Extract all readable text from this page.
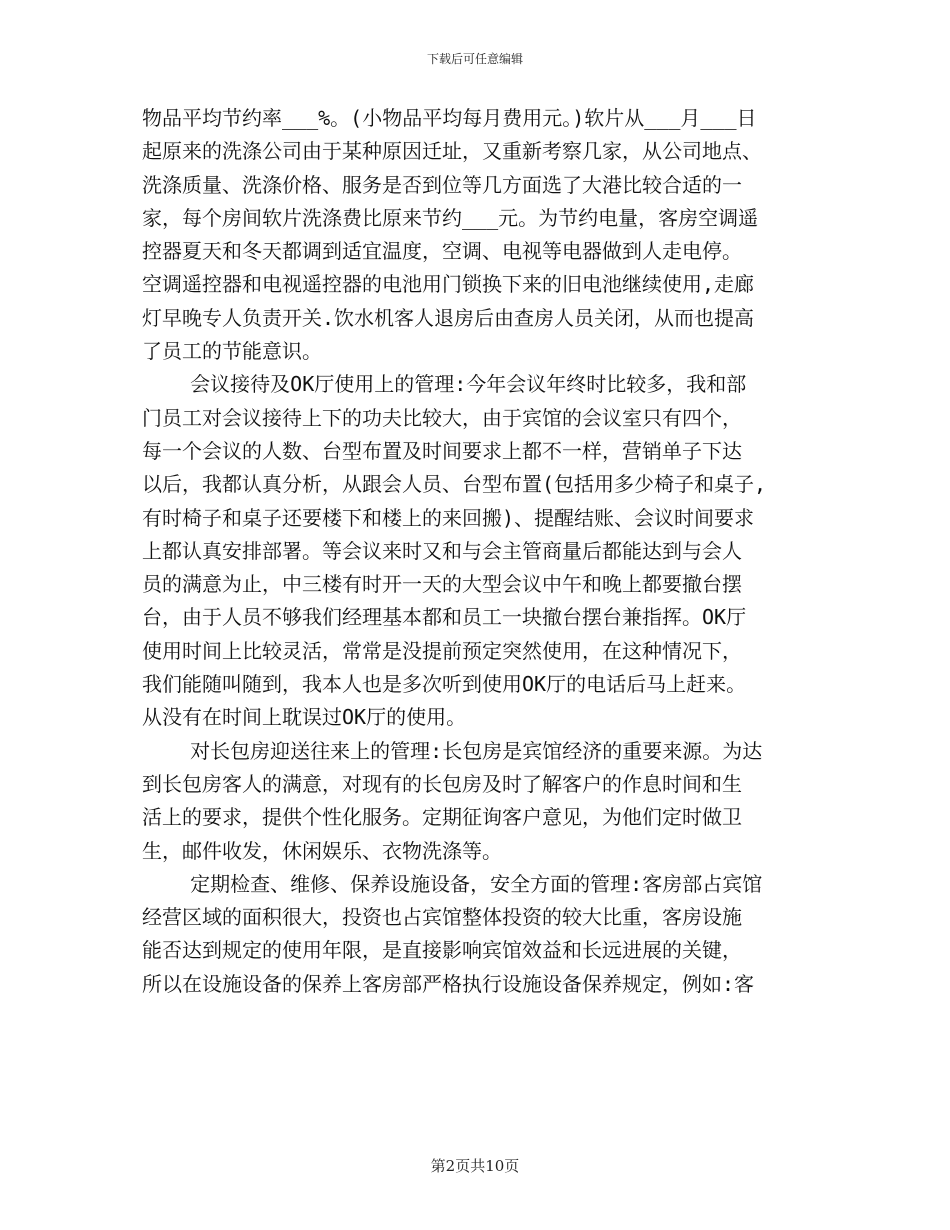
下载后可任意编辑
物品平均节约率___%。(小物品平均每月费用元。)软片从___月___日
起原来的洗涤公司由于某种原因迁址，又重新考察几家，从公司地点、
洗涤质量、洗涤价格、服务是否到位等几方面选了大港比较合适的一
家，每个房间软片洗涤费比原来节约___元。为节约电量，客房空调遥
控器夏天和冬天都调到适宜温度，空调、电视等电器做到人走电停。
空调遥控器和电视遥控器的电池用门锁换下来的旧电池继续使用,走廊
灯早晚专人负责开关.饮水机客人退房后由查房人员关闭，从而也提高
了员工的节能意识。
会议接待及OK厅使用上的管理:今年会议年终时比较多，我和部
门员工对会议接待上下的功夫比较大，由于宾馆的会议室只有四个，
每一个会议的人数、台型布置及时间要求上都不一样，营销单子下达
以后，我都认真分析，从跟会人员、台型布置(包括用多少椅子和桌子,
有时椅子和桌子还要楼下和楼上的来回搬)、提醒结账、会议时间要求
上都认真安排部署。等会议来时又和与会主管商量后都能达到与会人
员的满意为止，中三楼有时开一天的大型会议中午和晚上都要撤台摆
台，由于人员不够我们经理基本都和员工一块撤台摆台兼指挥。OK厅
使用时间上比较灵活，常常是没提前预定突然使用，在这种情况下，
我们能随叫随到，我本人也是多次听到使用OK厅的电话后马上赶来。
从没有在时间上耽误过OK厅的使用。
对长包房迎送往来上的管理:长包房是宾馆经济的重要来源。为达
到长包房客人的满意，对现有的长包房及时了解客户的作息时间和生
活上的要求，提供个性化服务。定期征询客户意见，为他们定时做卫
生，邮件收发，休闲娱乐、衣物洗涤等。
定期检查、维修、保养设施设备，安全方面的管理:客房部占宾馆
经营区域的面积很大，投资也占宾馆整体投资的较大比重，客房设施
能否达到规定的使用年限，是直接影响宾馆效益和长远进展的关键，
所以在设施设备的保养上客房部严格执行设施设备保养规定，例如:客
第2页共10页
